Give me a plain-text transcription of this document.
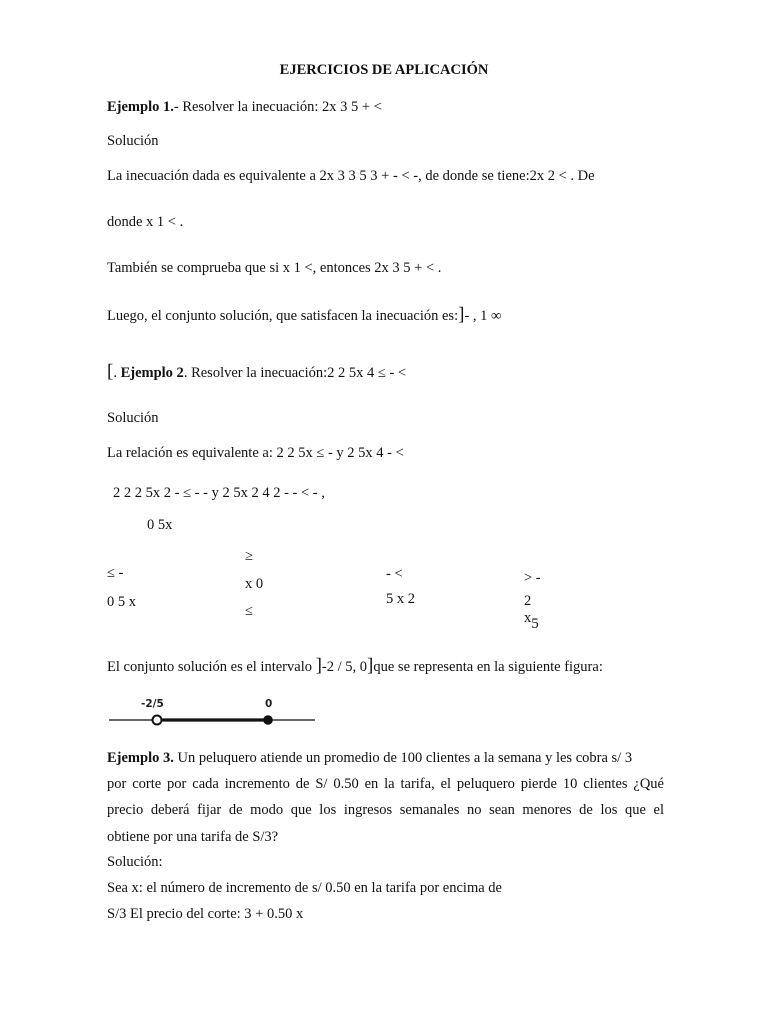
EJERCICIOS DE APLICACIÓN
Ejemplo 1.- Resolver la inecuación: 2x 3 5 + <
Solución
La inecuación dada es equivalente a 2x 3 3 5 3 + - < -, de donde se tiene:2x 2 < . De
donde x 1 < .
También se comprueba que si x 1 <, entonces 2x 3 5 + < .
Luego, el conjunto solución, que satisfacen la inecuación es:]- , 1 ∞
[. Ejemplo 2. Resolver la inecuación:2 2 5x 4 ≤ - <
Solución
La relación es equivalente a: 2 2 5x ≤ - y 2 5x 4 - <
2 2 2 5x 2 - ≤ - - y 2 5x 2 4 2 - - < - ,
0 5x
≥
≤ -
x 0
- <	> -
0 5 x	5 x 2	2
≤	x5
El conjunto solución es el intervalo ]-2 / 5, 0]que se representa en la siguiente figura:
-2/5	0
Ejemplo 3. Un peluquero atiende un promedio de 100 clientes a la semana y les cobra s/ 3
por corte por cada incremento de S/ 0.50 en la tarifa, el peluquero pierde 10 clientes ¿Qué
precio deberá fijar de modo que los ingresos semanales no sean menores de los que el
obtiene por una tarifa de S/3?
Solución:
Sea x: el número de incremento de s/ 0.50 en la tarifa por encima de
S/3 El precio del corte: 3 + 0.50 x
